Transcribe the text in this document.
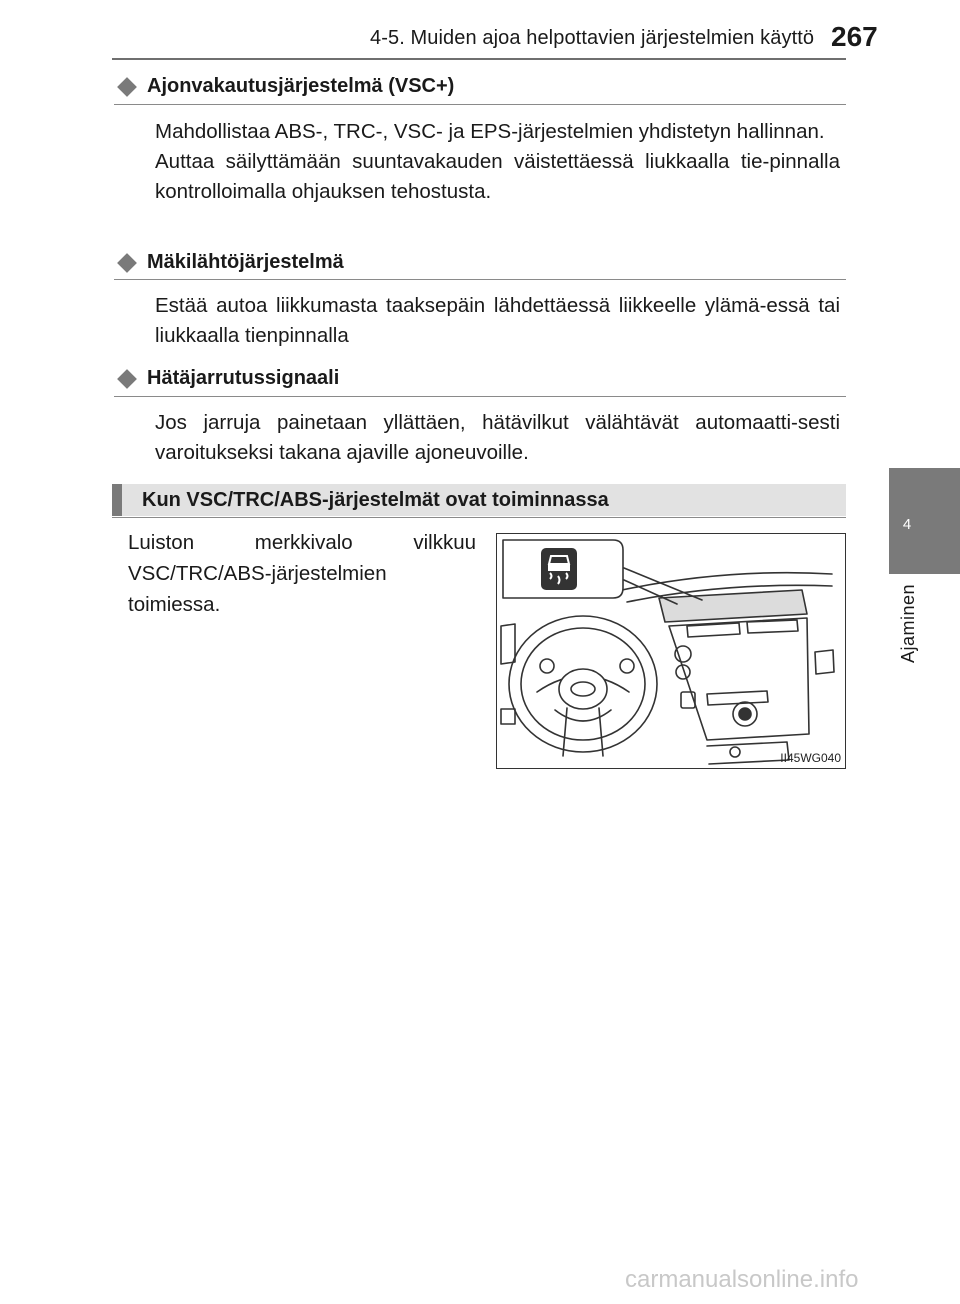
4-5. Muiden ajoa helpottavien järjestelmien käyttö 267
4
Ajaminen
Ajonvakautusjärjestelmä (VSC+)

Mahdollistaa ABS-, TRC-, VSC- ja EPS-järjestelmien yhdistetyn hallinnan.

Auttaa säilyttämään suuntavakauden väistettäessä liukkaalla tie-pinnalla kontrolloimalla ohjauksen tehostusta.

Mäkilähtöjärjestelmä

Estää autoa liikkumasta taaksepäin lähdettäessä liikkeelle ylämä-essä tai liukkaalla tienpinnalla

Hätäjarrutussignaali

Jos jarruja painetaan yllättäen, hätävilkut välähtävät automaatti-sesti varoitukseksi takana ajaville ajoneuvoille.

Kun VSC/TRC/ABS-järjestelmät ovat toiminnassa
Luiston merkkivalo vilkkuu VSC/TRC/ABS-järjestelmien toimiessa.
II45WG040
carmanualsonline.info
